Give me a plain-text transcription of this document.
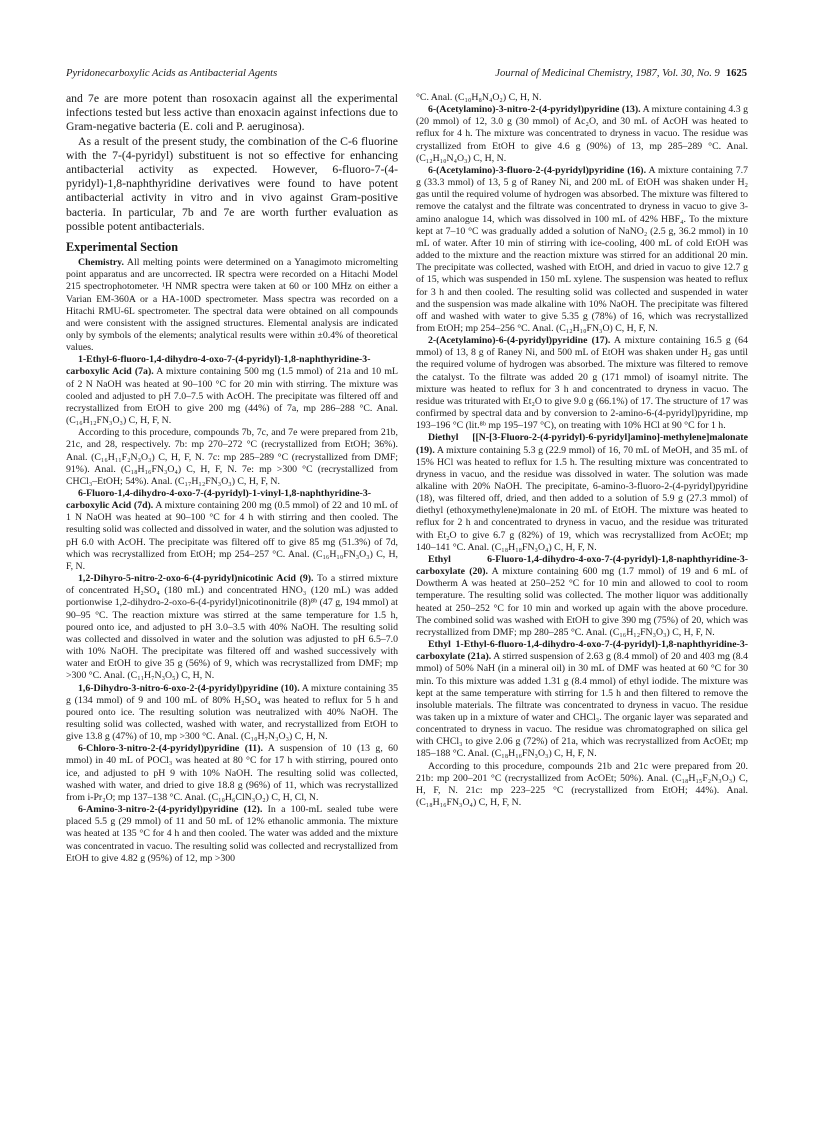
Pyridonecarboxylic Acids as Antibacterial Agents	Journal of Medicinal Chemistry, 1987, Vol. 30, No. 9 1625

and 7e are more potent than rosoxacin against all the experimental infections tested but less active than enoxacin against infections due to Gram-negative bacteria (E. coli and P. aeruginosa).

As a result of the present study, the combination of the C-6 fluorine with the 7-(4-pyridyl) substituent is not so effective for enhancing antibacterial activity as expected. However, 6-fluoro-7-(4-pyridyl)-1,8-naphthyridine derivatives were found to have potent antibacterial activity in vitro and in vivo against Gram-positive bacteria. In particular, 7b and 7e are worth further evaluation as possible potent antibacterials.

Experimental Section

Chemistry. All melting points were determined on a Yanagimoto micromelting point apparatus and are uncorrected. IR spectra were recorded on a Hitachi Model 215 spectrophotometer. ¹H NMR spectra were taken at 60 or 100 MHz on either a Varian EM-360A or a HA-100D spectrometer. Mass spectra was recorded on a Hitachi RMU-6L spectrometer. The spectral data were obtained on all compounds and were consistent with the assigned structures. Elemental analysis are indicated only by symbols of the elements; analytical results were within ±0.4% of theoretical values.

1-Ethyl-6-fluoro-1,4-dihydro-4-oxo-7-(4-pyridyl)-1,8-naphthyridine-3-carboxylic Acid (7a). A mixture containing 500 mg (1.5 mmol) of 21a and 10 mL of 2 N NaOH was heated at 90–100 °C for 20 min with stirring. The mixture was cooled and adjusted to pH 7.0–7.5 with AcOH. The precipitate was filtered off and recrystallized from EtOH to give 200 mg (44%) of 7a, mp 286–288 °C. Anal. (C₁₆H₁₂FN₃O₃) C, H, F, N.

According to this procedure, compounds 7b, 7c, and 7e were prepared from 21b, 21c, and 28, respectively. 7b: mp 270–272 °C (recrystallized from EtOH; 36%). Anal. (C₁₆H₁₁F₂N₃O₃) C, H, F, N. 7c: mp 285–289 °C (recrystallized from DMF; 91%). Anal. (C₁₈H₁₆FN₃O₄) C, H, F, N. 7e: mp >300 °C (recrystallized from CHCl₃–EtOH; 54%). Anal. (C₁₇H₁₂FN₃O₃) C, H, F, N.

6-Fluoro-1,4-dihydro-4-oxo-7-(4-pyridyl)-1-vinyl-1,8-naphthyridine-3-carboxylic Acid (7d). A mixture containing 200 mg (0.5 mmol) of 22 and 10 mL of 1 N NaOH was heated at 90–100 °C for 4 h with stirring and then cooled. The resulting solid was collected and dissolved in water, and the solution was adjusted to pH 6.0 with AcOH. The precipitate was filtered off to give 85 mg (51.3%) of 7d, which was recrystallized from EtOH; mp 254–257 °C. Anal. (C₁₆H₁₀FN₃O₃) C, H, F, N.

1,2-Dihyro-5-nitro-2-oxo-6-(4-pyridyl)nicotinic Acid (9). To a stirred mixture of concentrated H₂SO₄ (180 mL) and concentrated HNO₃ (120 mL) was added portionwise 1,2-dihydro-2-oxo-6-(4-pyridyl)nicotinonitrile (8)⁸ᵇ (47 g, 194 mmol) at 90–95 °C. The reaction mixture was stirred at the same temperature for 1.5 h, poured onto ice, and adjusted to pH 3.0–3.5 with 40% NaOH. The resulting solid was collected and dissolved in water and the solution was adjusted to pH 6.5–7.0 with 10% NaOH. The precipitate was filtered off and washed successively with water and EtOH to give 35 g (56%) of 9, which was recrystallized from DMF; mp >300 °C. Anal. (C₁₁H₇N₃O₅) C, H, N.

1,6-Dihydro-3-nitro-6-oxo-2-(4-pyridyl)pyridine (10). A mixture containing 35 g (134 mmol) of 9 and 100 mL of 80% H₂SO₄ was heated to reflux for 5 h and poured onto ice. The resulting solution was neutralized with 40% NaOH. The resulting solid was collected, washed with water, and recrystallized from EtOH to give 13.8 g (47%) of 10, mp >300 °C. Anal. (C₁₀H₇N₃O₃) C, H, N.

6-Chloro-3-nitro-2-(4-pyridyl)pyridine (11). A suspension of 10 (13 g, 60 mmol) in 40 mL of POCl₃ was heated at 80 °C for 17 h with stirring, poured onto ice, and adjusted to pH 9 with 10% NaOH. The resulting solid was collected, washed with water, and dried to give 18.8 g (96%) of 11, which was recrystallized from i-Pr₂O; mp 137–138 °C. Anal. (C₁₀H₆ClN₃O₂) C, H, Cl, N.

6-Amino-3-nitro-2-(4-pyridyl)pyridine (12). In a 100-mL sealed tube were placed 5.5 g (29 mmol) of 11 and 50 mL of 12% ethanolic ammonia. The mixture was heated at 135 °C for 4 h and then cooled. The water was added and the mixture was concentrated in vacuo. The resulting solid was collected and recrystallized from EtOH to give 4.82 g (95%) of 12, mp >300

°C. Anal. (C₁₀H₈N₄O₂) C, H, N.

6-(Acetylamino)-3-nitro-2-(4-pyridyl)pyridine (13). A mixture containing 4.3 g (20 mmol) of 12, 3.0 g (30 mmol) of Ac₂O, and 30 mL of AcOH was heated to reflux for 4 h. The mixture was concentrated to dryness in vacuo. The residue was crystallized from EtOH to give 4.6 g (90%) of 13, mp 285–289 °C. Anal. (C₁₂H₁₀N₄O₃) C, H, N.

6-(Acetylamino)-3-fluoro-2-(4-pyridyl)pyridine (16). A mixture containing 7.7 g (33.3 mmol) of 13, 5 g of Raney Ni, and 200 mL of EtOH was shaken under H₂ gas until the required volume of hydrogen was absorbed. The mixture was filtered to remove the catalyst and the filtrate was concentrated to dryness in vacuo to give 3-amino analogue 14, which was dissolved in 100 mL of 42% HBF₄. To the mixture kept at 7–10 °C was gradually added a solution of NaNO₂ (2.5 g, 36.2 mmol) in 10 mL of water. After 10 min of stirring with ice-cooling, 400 mL of cold EtOH was added to the mixture and the reaction mixture was stirred for an additional 20 min. The precipitate was collected, washed with EtOH, and dried in vacuo to give 12.7 g of 15, which was suspended in 150 mL xylene. The suspension was heated to reflux for 3 h and then cooled. The resulting solid was collected and suspended in water and the suspension was made alkaline with 10% NaOH. The precipitate was filtered off and washed with water to give 5.35 g (78%) of 16, which was recrystallized from EtOH; mp 254–256 °C. Anal. (C₁₂H₁₀FN₃O) C, H, F, N.

2-(Acetylamino)-6-(4-pyridyl)pyridine (17). A mixture containing 16.5 g (64 mmol) of 13, 8 g of Raney Ni, and 500 mL of EtOH was shaken under H₂ gas until the required volume of hydrogen was absorbed. The mixture was filtered to remove the catalyst. To the filtrate was added 20 g (171 mmol) of isoamyl nitrite. The mixture was heated to reflux for 3 h and concentrated to dryness in vacuo. The residue was triturated with Et₂O to give 9.0 g (66.1%) of 17. The structure of 17 was confirmed by spectral data and by conversion to 2-amino-6-(4-pyridyl)pyridine, mp 193–196 °C (lit.⁸ᵇ mp 195–197 °C), on treating with 10% HCl at 90 °C for 1 h.

Diethyl [[N-[3-Fluoro-2-(4-pyridyl)-6-pyridyl]amino]-methylene]malonate (19). A mixture containing 5.3 g (22.9 mmol) of 16, 70 mL of MeOH, and 35 mL of 15% HCl was heated to reflux for 1.5 h. The resulting mixture was concentrated to dryness in vacuo, and the residue was dissolved in water. The solution was made alkaline with 20% NaOH. The precipitate, 6-amino-3-fluoro-2-(4-pyridyl)pyridine (18), was filtered off, dried, and then added to a solution of 5.9 g (27.3 mmol) of diethyl (ethoxymethylene)malonate in 20 mL of EtOH. The mixture was heated to reflux for 2 h and concentrated to dryness in vacuo, and the residue was triturated with Et₂O to give 6.7 g (82%) of 19, which was recrystallized from AcOEt; mp 140–141 °C. Anal. (C₁₈H₁₈FN₃O₄) C, H, F, N.

Ethyl 6-Fluoro-1,4-dihydro-4-oxo-7-(4-pyridyl)-1,8-naphthyridine-3-carboxylate (20). A mixture containing 600 mg (1.7 mmol) of 19 and 6 mL of Dowtherm A was heated at 250–252 °C for 10 min and allowed to cool to room temperature. The resulting solid was collected. The mother liquor was additionally heated at 250–252 °C for 10 min and worked up again with the above procedure. The combined solid was washed with EtOH to give 390 mg (75%) of 20, which was recrystallized from DMF; mp 280–285 °C. Anal. (C₁₆H₁₂FN₃O₃) C, H, F, N.

Ethyl 1-Ethyl-6-fluoro-1,4-dihydro-4-oxo-7-(4-pyridyl)-1,8-naphthyridine-3-carboxylate (21a). A stirred suspension of 2.63 g (8.4 mmol) of 20 and 403 mg (8.4 mmol) of 50% NaH (in a mineral oil) in 30 mL of DMF was heated at 60 °C for 30 min. To this mixture was added 1.31 g (8.4 mmol) of ethyl iodide. The mixture was kept at the same temperature with stirring for 1.5 h and then filtered to remove the insoluble materials. The filtrate was concentrated to dryness in vacuo. The residue was taken up in a mixture of water and CHCl₃. The organic layer was separated and concentrated to dryness in vacuo. The residue was chromatographed on silica gel with CHCl₃ to give 2.06 g (72%) of 21a, which was recrystallized from AcOEt; mp 185–188 °C. Anal. (C₁₈H₁₆FN₃O₃) C, H, F, N.

According to this procedure, compounds 21b and 21c were prepared from 20. 21b: mp 200–201 °C (recrystallized from AcOEt; 50%). Anal. (C₁₈H₁₅F₂N₃O₃) C, H, F, N. 21c: mp 223–225 °C (recrystallized from EtOH; 44%). Anal. (C₁₈H₁₆FN₃O₄) C, H, F, N.
